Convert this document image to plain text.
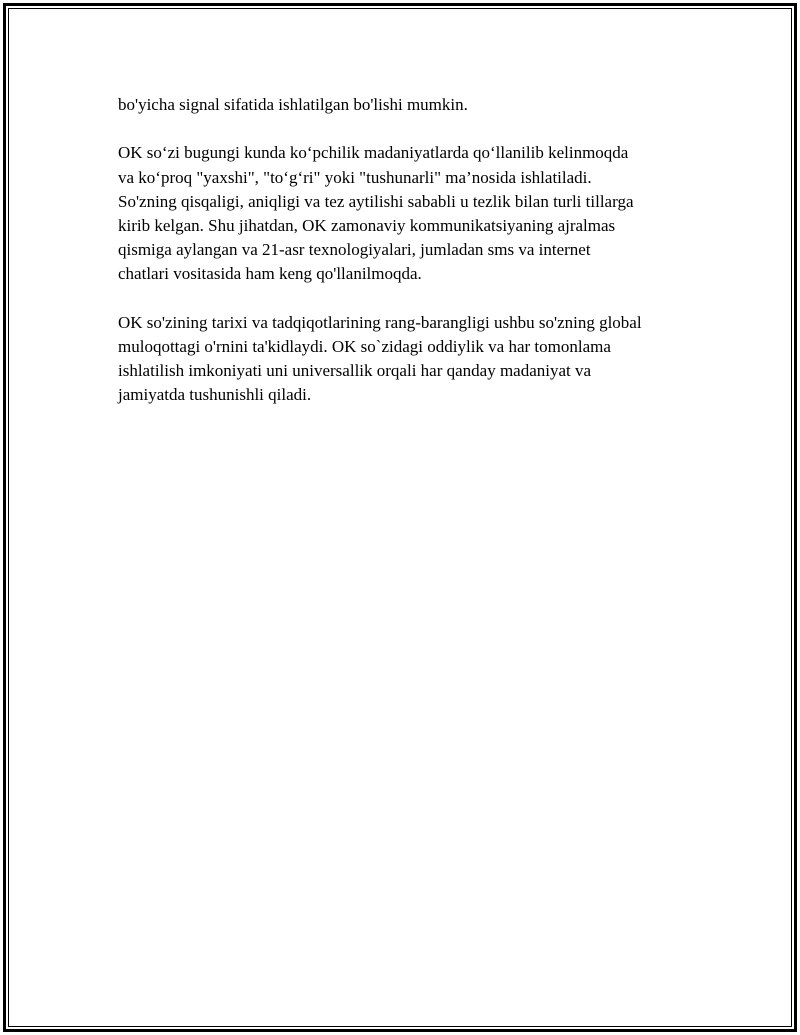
bo'yicha signal sifatida ishlatilgan bo'lishi mumkin.

OK so‘zi bugungi kunda ko‘pchilik madaniyatlarda qo‘llanilib kelinmoqda
va ko‘proq "yaxshi", "to‘g‘ri" yoki "tushunarli" ma’nosida ishlatiladi.
So'zning qisqaligi, aniqligi va tez aytilishi sababli u tezlik bilan turli tillarga
kirib kelgan. Shu jihatdan, OK zamonaviy kommunikatsiyaning ajralmas
qismiga aylangan va 21-asr texnologiyalari, jumladan sms va internet
chatlari vositasida ham keng qo'llanilmoqda.

OK so'zining tarixi va tadqiqotlarining rang-barangligi ushbu so'zning global
muloqottagi o'rnini ta'kidlaydi. OK so`zidagi oddiylik va har tomonlama
ishlatilish imkoniyati uni universallik orqali har qanday madaniyat va
jamiyatda tushunishli qiladi.
